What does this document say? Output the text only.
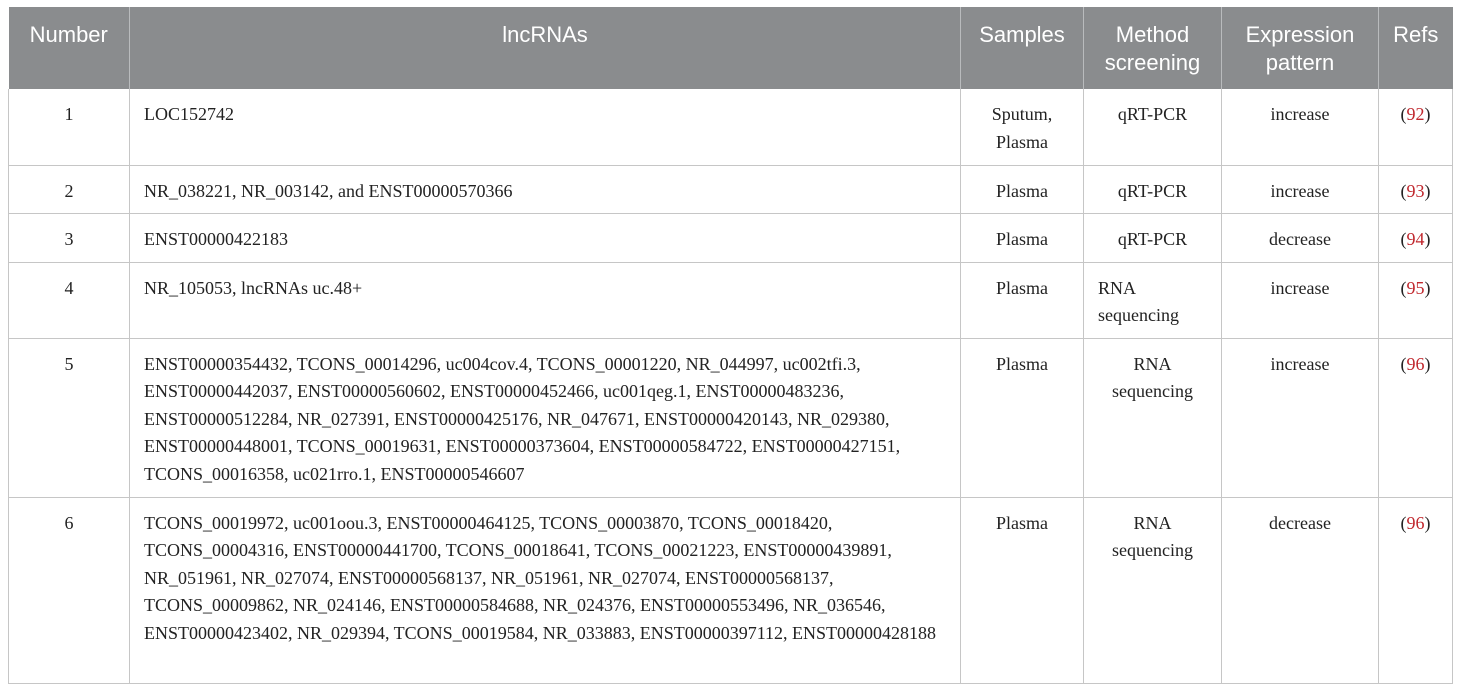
Number	lncRNAs	Samples	Method screening	Expression pattern	Refs
1	LOC152742	Sputum, Plasma	qRT-PCR	increase	(92)
2	NR_038221, NR_003142, and ENST00000570366	Plasma	qRT-PCR	increase	(93)
3	ENST00000422183	Plasma	qRT-PCR	decrease	(94)
4	NR_105053, lncRNAs uc.48+	Plasma	RNA sequencing	increase	(95)
5	ENST00000354432, TCONS_00014296, uc004cov.4, TCONS_00001220, NR_044997, uc002tfi.3, ENST00000442037, ENST00000560602, ENST00000452466, uc001qeg.1, ENST00000483236, ENST00000512284, NR_027391, ENST00000425176, NR_047671, ENST00000420143, NR_029380, ENST00000448001, TCONS_00019631, ENST00000373604, ENST00000584722, ENST00000427151, TCONS_00016358, uc021rro.1, ENST00000546607	Plasma	RNA sequencing	increase	(96)
6	TCONS_00019972, uc001oou.3, ENST00000464125, TCONS_00003870, TCONS_00018420, TCONS_00004316, ENST00000441700, TCONS_00018641, TCONS_00021223, ENST00000439891, NR_051961, NR_027074, ENST00000568137, NR_051961, NR_027074, ENST00000568137, TCONS_00009862, NR_024146, ENST00000584688, NR_024376, ENST00000553496, NR_036546, ENST00000423402, NR_029394, TCONS_00019584, NR_033883, ENST00000397112, ENST00000428188	Plasma	RNA sequencing	decrease	(96)
